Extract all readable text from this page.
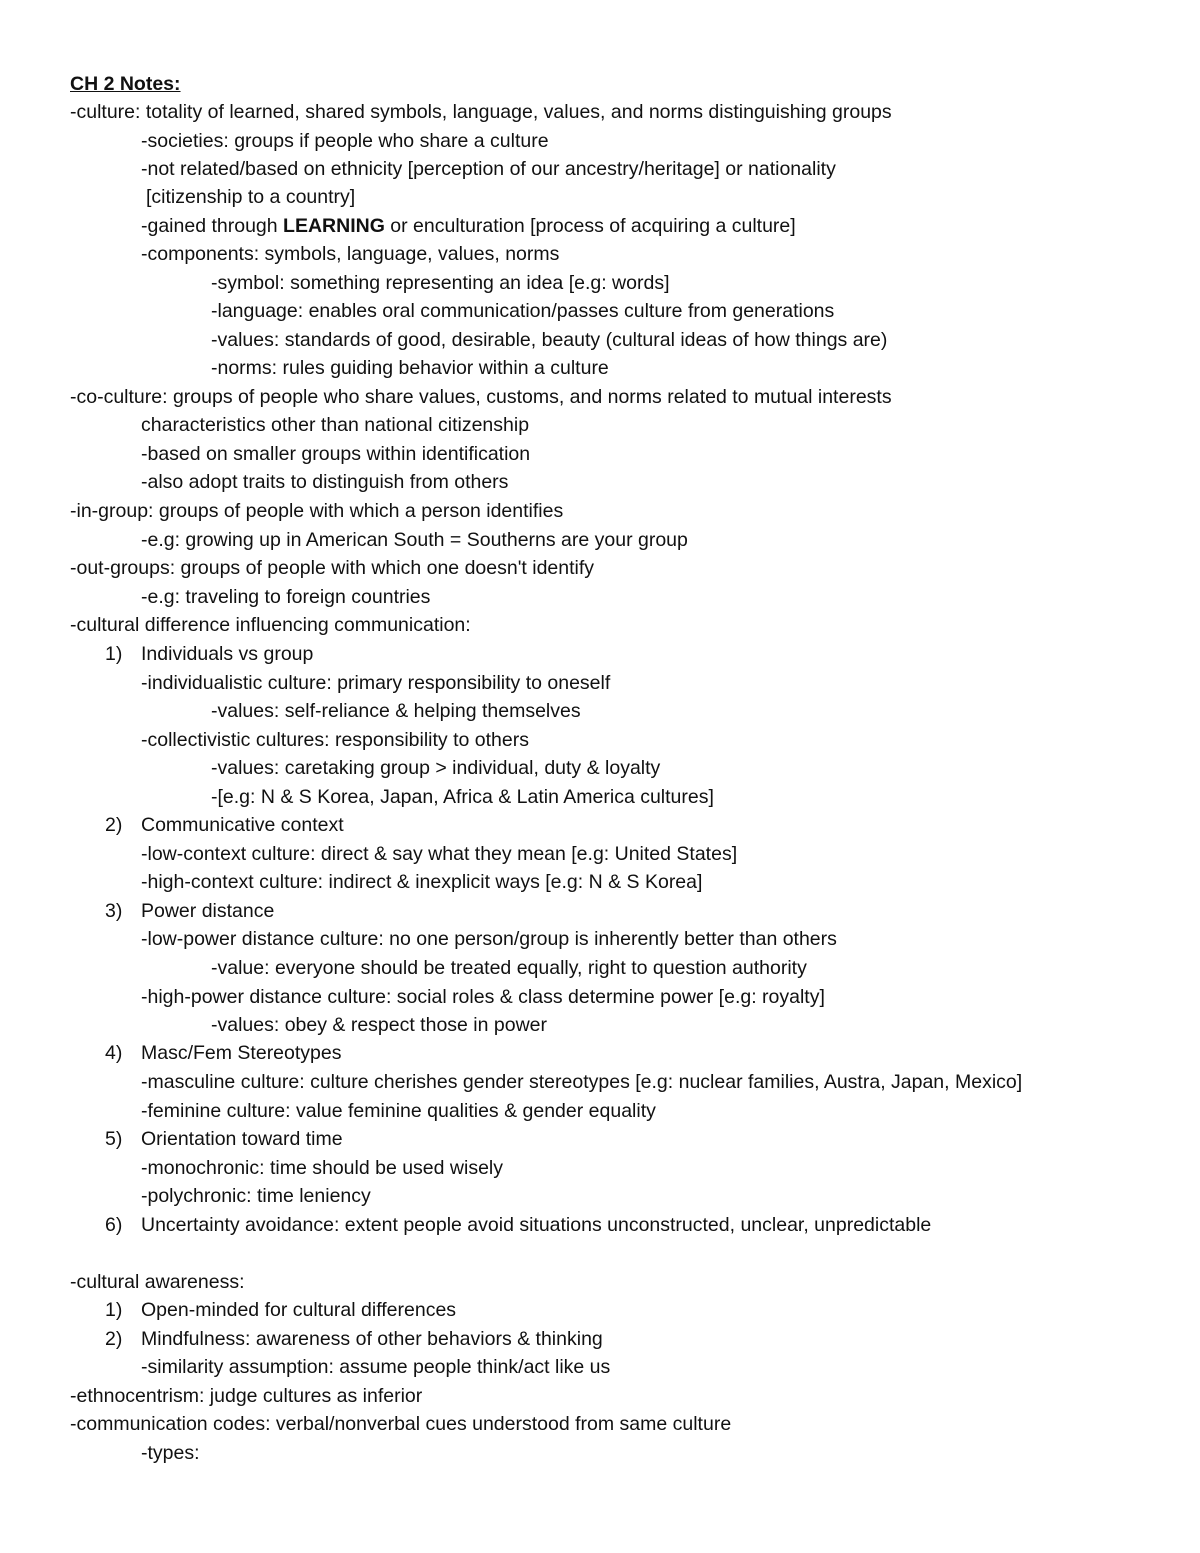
CH 2 Notes:
-culture: totality of learned, shared symbols, language, values, and norms distinguishing groups
-societies: groups if people who share a culture
-not related/based on ethnicity [perception of our ancestry/heritage] or nationality
[citizenship to a country]
-gained through LEARNING or enculturation [process of acquiring a culture]
-components: symbols, language, values, norms
-symbol: something representing an idea [e.g: words]
-language: enables oral communication/passes culture from generations
-values: standards of good, desirable, beauty (cultural ideas of how things are)
-norms: rules guiding behavior within a culture
-co-culture: groups of people who share values, customs, and norms related to mutual interests
characteristics other than national citizenship
-based on smaller groups within identification
-also adopt traits to distinguish from others
-in-group: groups of people with which a person identifies
-e.g: growing up in American South = Southerns are your group
-out-groups: groups of people with which one doesn't identify
-e.g: traveling to foreign countries
-cultural difference influencing communication:
1) Individuals vs group
-individualistic culture: primary responsibility to oneself
-values: self-reliance & helping themselves
-collectivistic cultures: responsibility to others
-values: caretaking group > individual, duty & loyalty
-[e.g: N & S Korea, Japan, Africa & Latin America cultures]
2) Communicative context
-low-context culture: direct & say what they mean [e.g: United States]
-high-context culture: indirect & inexplicit ways [e.g: N & S Korea]
3) Power distance
-low-power distance culture: no one person/group is inherently better than others
-value: everyone should be treated equally, right to question authority
-high-power distance culture: social roles & class determine power [e.g: royalty]
-values: obey & respect those in power
4) Masc/Fem Stereotypes
-masculine culture: culture cherishes gender stereotypes [e.g: nuclear families, Austra, Japan, Mexico]
-feminine culture: value feminine qualities & gender equality
5) Orientation toward time
-monochronic: time should be used wisely
-polychronic: time leniency
6) Uncertainty avoidance: extent people avoid situations unconstructed, unclear, unpredictable
-cultural awareness:
1) Open-minded for cultural differences
2) Mindfulness: awareness of other behaviors & thinking
-similarity assumption: assume people think/act like us
-ethnocentrism: judge cultures as inferior
-communication codes: verbal/nonverbal cues understood from same culture
-types:
